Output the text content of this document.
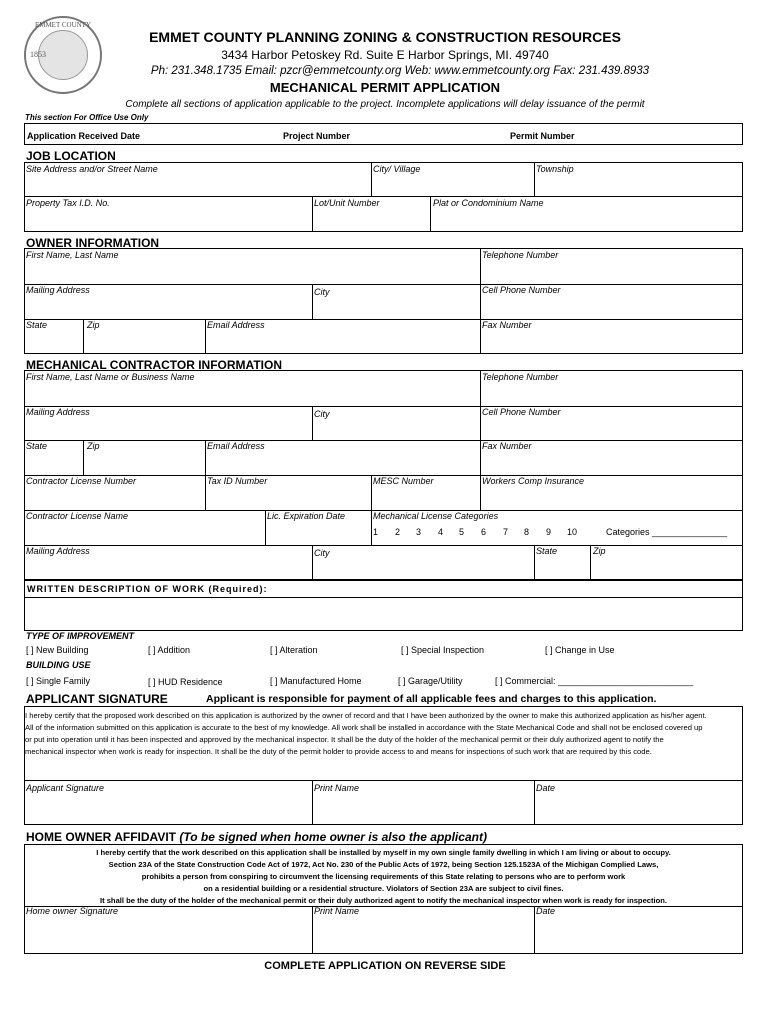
EMMET COUNTY
1853
EMMET COUNTY PLANNING ZONING & CONSTRUCTION RESOURCES
3434 Harbor Petoskey Rd. Suite E Harbor Springs, MI. 49740
Ph: 231.348.1735 Email: pzcr@emmetcounty.org Web: www.emmetcounty.org Fax: 231.439.8933
MECHANICAL PERMIT APPLICATION
Complete all sections of application applicable to the project. Incomplete applications will delay issuance of the permit
This section For Office Use Only
Application Received Date	Project Number	Permit Number
JOB LOCATION
Site Address and/or Street Name	City/ Village	Township
Property Tax I.D. No.	Lot/Unit Number	Plat or Condominium Name
OWNER INFORMATION
First Name, Last Name	Telephone Number
Mailing Address	City	Cell Phone Number
State	Zip	Email Address	Fax Number
MECHANICAL CONTRACTOR INFORMATION
First Name, Last Name or Business Name	Telephone Number
Mailing Address	City	Cell Phone Number
State	Zip	Email Address	Fax Number
Contractor License Number	Tax ID Number	MESC Number	Workers Comp Insurance
Contractor License Name	Lic. Expiration Date	Mechanical License Categories
1 2 3 4 5 6 7 8 9 10	Categories _______________
Mailing Address	City	State	Zip
WRITTEN DESCRIPTION OF WORK (Required):
TYPE OF IMPROVEMENT
[ ] New Building	[ ] Addition	[ ] Alteration	[ ] Special Inspection	[ ] Change in Use
BUILDING USE
[ ] Single Family	[ ] HUD Residence	[ ] Manufactured Home	[ ] Garage/Utility	[ ] Commercial: ___________________________
APPLICANT SIGNATURE	Applicant is responsible for payment of all applicable fees and charges to this application.
I hereby certify that the proposed work described on this application is authorized by the owner of record and that I have been authorized by the owner to make this authorized application as his/her agent.
All of the information submitted on this application is accurate to the best of my knowledge. All work shall be installed in accordance with the State Mechanical Code and shall not be enclosed covered up
or put into operation until it has been inspected and approved by the mechanical inspector. It shall be the duty of the holder of the mechanical permit or their duly authorized agent to notify the
mechanical inspector when work is ready for inspection. It shall be the duty of the permit holder to provide access to and means for inspections of such work that are required by this code.
Applicant Signature	Print Name	Date
HOME OWNER AFFIDAVIT (To be signed when home owner is also the applicant)
I hereby certify that the work described on this application shall be installed by myself in my own single family dwelling in which I am living or about to occupy.
Section 23A of the State Construction Code Act of 1972, Act No. 230 of the Public Acts of 1972, being Section 125.1523A of the Michigan Complied Laws,
prohibits a person from conspiring to circumvent the licensing requirements of this State relating to persons who are to perform work
on a residential building or a residential structure. Violators of Section 23A are subject to civil fines.
It shall be the duty of the holder of the mechanical permit or their duly authorized agent to notify the mechanical inspector when work is ready for inspection.
Home owner Signature	Print Name	Date
COMPLETE APPLICATION ON REVERSE SIDE
